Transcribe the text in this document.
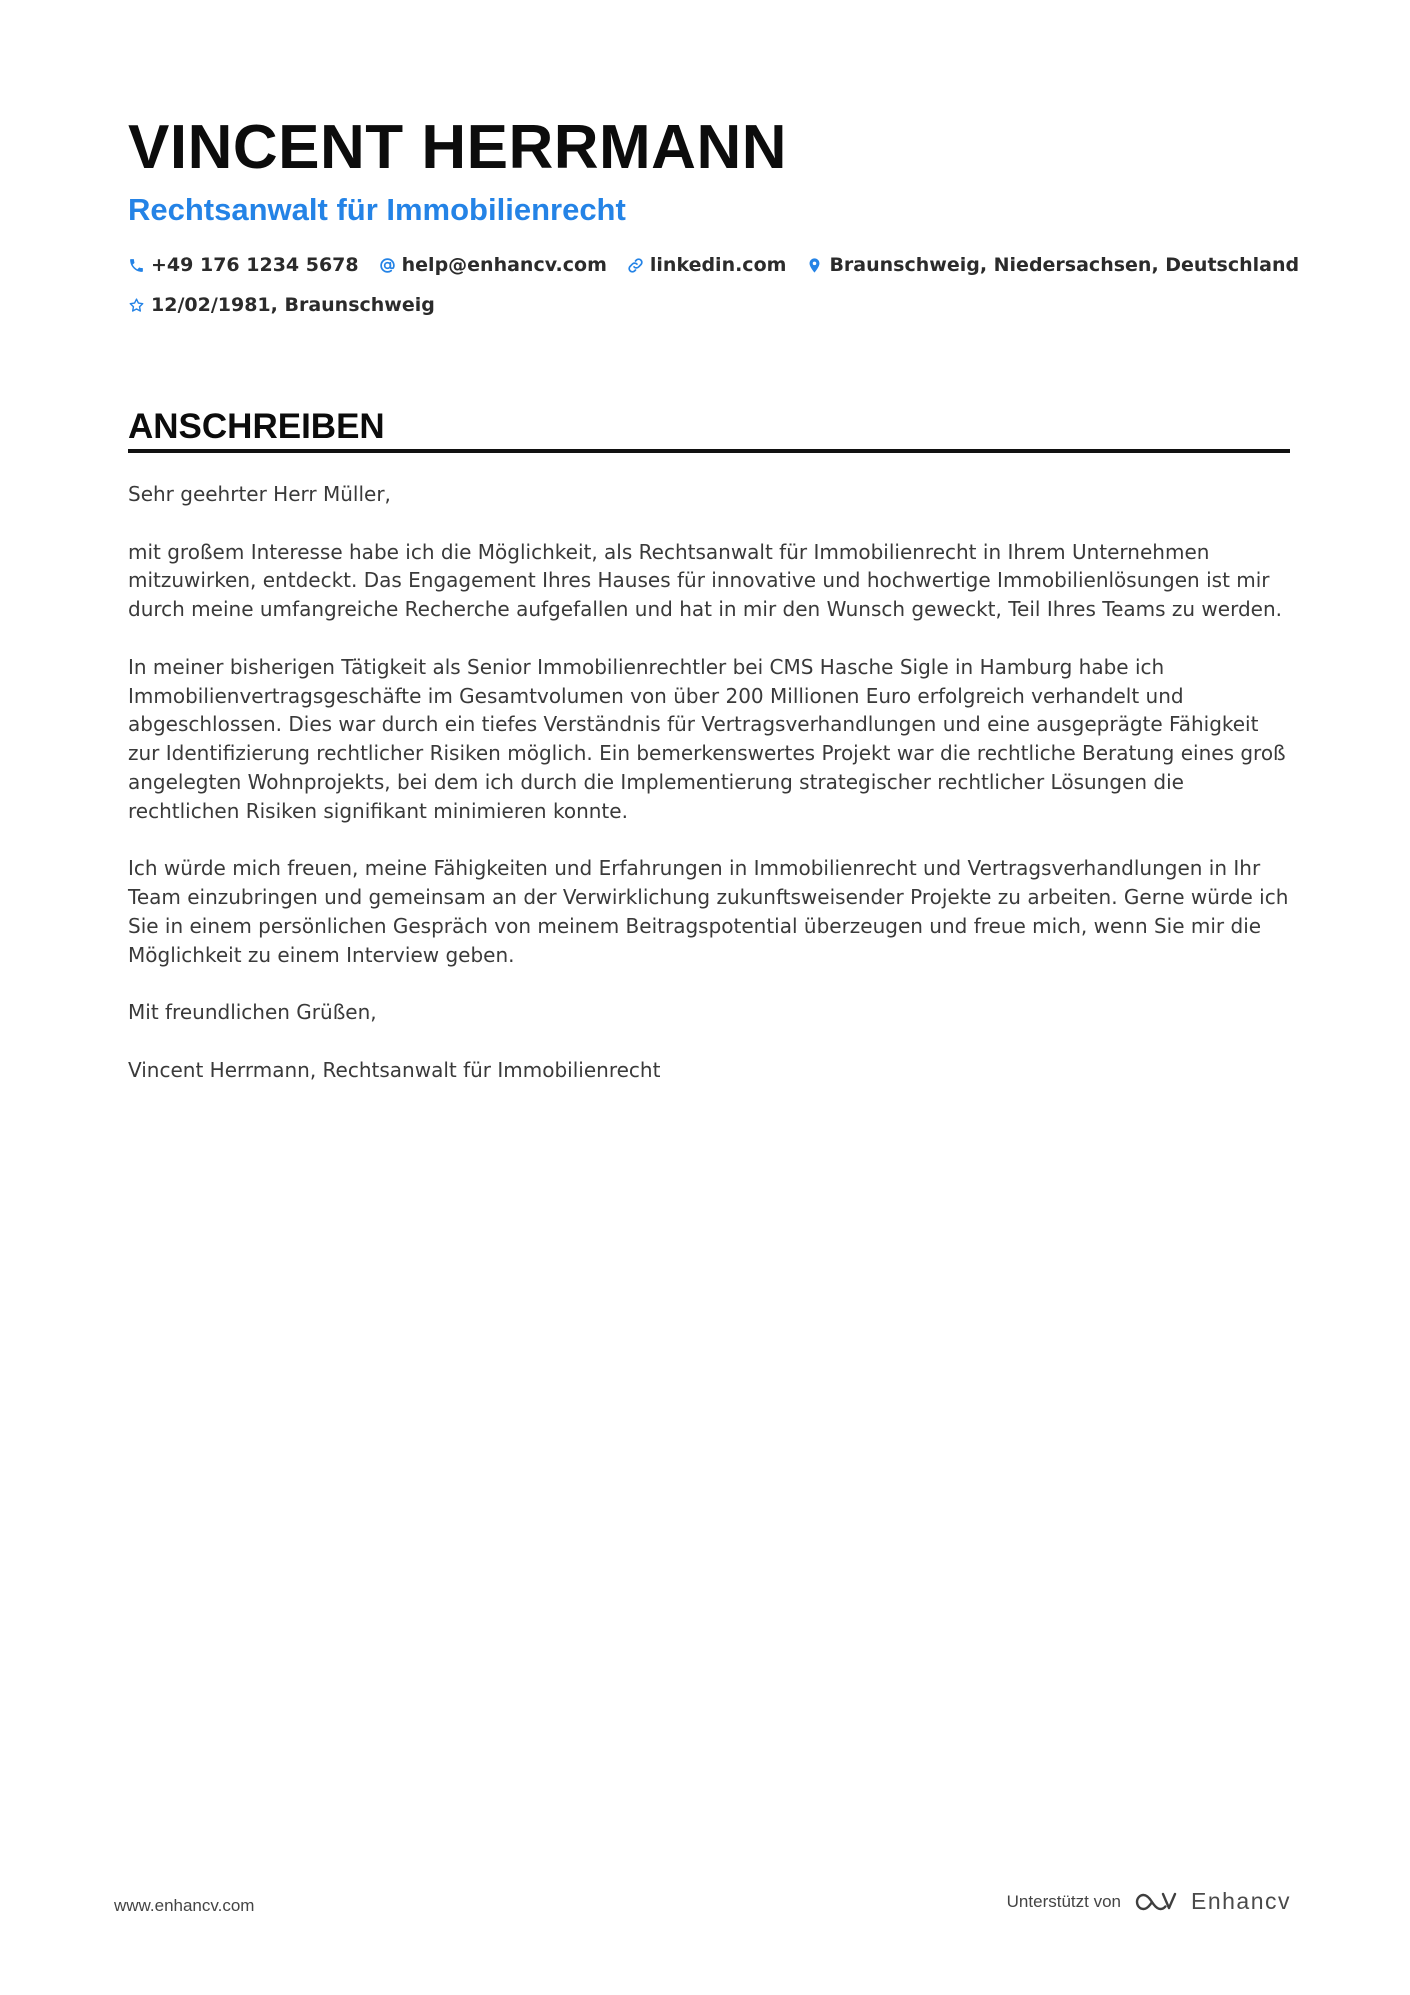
VINCENT HERRMANN
Rechtsanwalt für Immobilienrecht
+49 176 1234 5678 help@enhancv.com linkedin.com Braunschweig, Niedersachsen, Deutschland
12/02/1981, Braunschweig
ANSCHREIBEN

Sehr geehrter Herr Müller,

mit großem Interesse habe ich die Möglichkeit, als Rechtsanwalt für Immobilienrecht in Ihrem Unternehmen mitzuwirken, entdeckt. Das Engagement Ihres Hauses für innovative und hochwertige Immobilienlösungen ist mir durch meine umfangreiche Recherche aufgefallen und hat in mir den Wunsch geweckt, Teil Ihres Teams zu werden.

In meiner bisherigen Tätigkeit als Senior Immobilienrechtler bei CMS Hasche Sigle in Hamburg habe ich Immobilienvertragsgeschäfte im Gesamtvolumen von über 200 Millionen Euro erfolgreich verhandelt und abgeschlossen. Dies war durch ein tiefes Verständnis für Vertragsverhandlungen und eine ausgeprägte Fähigkeit zur Identifizierung rechtlicher Risiken möglich. Ein bemerkenswertes Projekt war die rechtliche Beratung eines groß angelegten Wohnprojekts, bei dem ich durch die Implementierung strategischer rechtlicher Lösungen die rechtlichen Risiken signifikant minimieren konnte.

Ich würde mich freuen, meine Fähigkeiten und Erfahrungen in Immobilienrecht und Vertragsverhandlungen in Ihr Team einzubringen und gemeinsam an der Verwirklichung zukunftsweisender Projekte zu arbeiten. Gerne würde ich Sie in einem persönlichen Gespräch von meinem Beitragspotential überzeugen und freue mich, wenn Sie mir die Möglichkeit zu einem Interview geben.

Mit freundlichen Grüßen,

Vincent Herrmann, Rechtsanwalt für Immobilienrecht

www.enhancv.com	Unterstützt von	Enhancv
